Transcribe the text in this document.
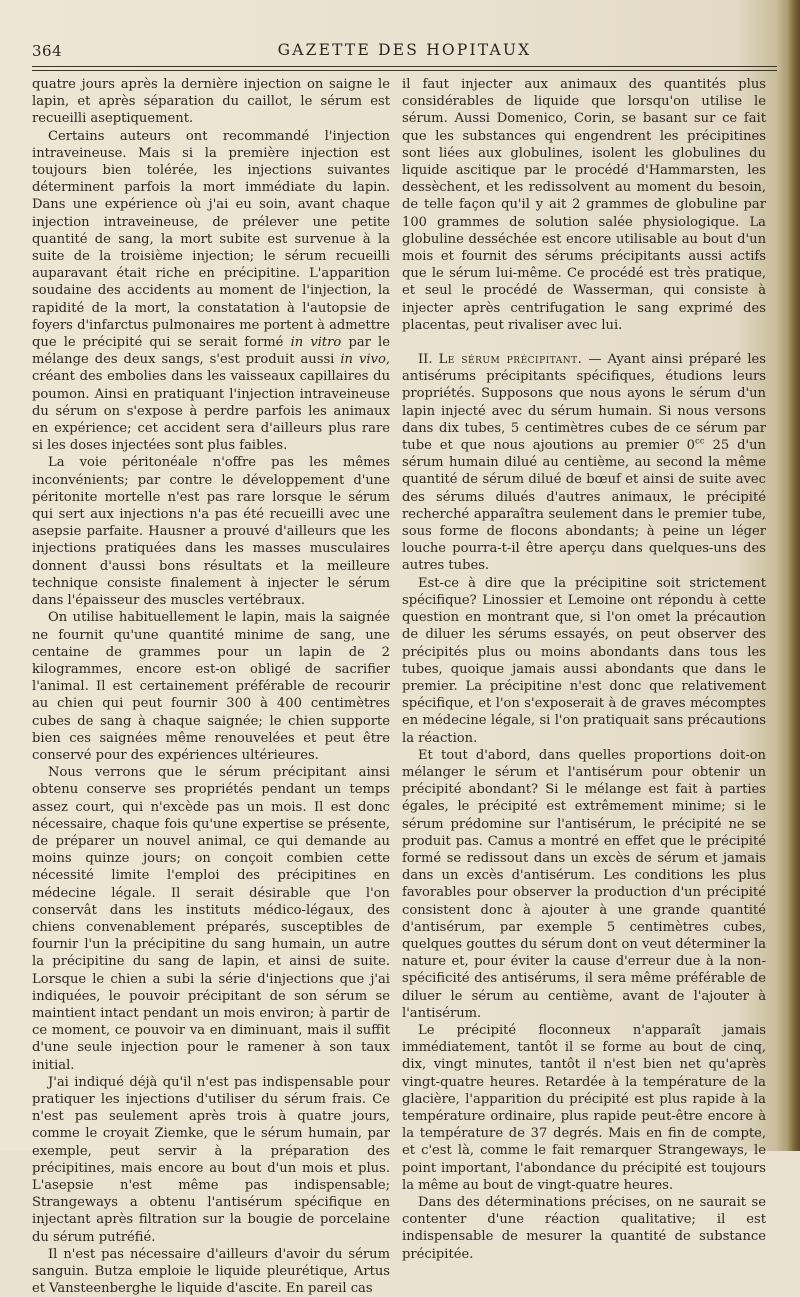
364	GAZETTE DES HOPITAUX

quatre jours après la dernière injection on saigne le lapin, et après séparation du caillot, le sérum est recueilli aseptiquement.

Certains auteurs ont recommandé l'injection intraveineuse. Mais si la première injection est toujours bien tolérée, les injections suivantes déterminent parfois la mort immédiate du lapin. Dans une expérience où j'ai eu soin, avant chaque injection intraveineuse, de prélever une petite quantité de sang, la mort subite est survenue à la suite de la troisième injection; le sérum recueilli auparavant était riche en précipitine. L'apparition soudaine des accidents au moment de l'injection, la rapidité de la mort, la constatation à l'autopsie de foyers d'infarctus pulmonaires me portent à admettre que le précipité qui se serait formé in vitro par le mélange des deux sangs, s'est produit aussi in vivo, créant des embolies dans les vaisseaux capillaires du poumon. Ainsi en pratiquant l'injection intraveineuse du sérum on s'expose à perdre parfois les animaux en expérience; cet accident sera d'ailleurs plus rare si les doses injectées sont plus faibles.

La voie péritonéale n'offre pas les mêmes inconvénients; par contre le développement d'une péritonite mortelle n'est pas rare lorsque le sérum qui sert aux injections n'a pas été recueilli avec une asepsie parfaite. Hausner a prouvé d'ailleurs que les injections pratiquées dans les masses musculaires donnent d'aussi bons résultats et la meilleure technique consiste finalement à injecter le sérum dans l'épaisseur des muscles vertébraux.

On utilise habituellement le lapin, mais la saignée ne fournit qu'une quantité minime de sang, une centaine de grammes pour un lapin de 2 kilogrammes, encore est-on obligé de sacrifier l'animal. Il est certainement préférable de recourir au chien qui peut fournir 300 à 400 centimètres cubes de sang à chaque saignée; le chien supporte bien ces saignées même renouvelées et peut être conservé pour des expériences ultérieures.

Nous verrons que le sérum précipitant ainsi obtenu conserve ses propriétés pendant un temps assez court, qui n'excède pas un mois. Il est donc nécessaire, chaque fois qu'une expertise se présente, de préparer un nouvel animal, ce qui demande au moins quinze jours; on conçoit combien cette nécessité limite l'emploi des précipitines en médecine légale. Il serait désirable que l'on conservât dans les instituts médico-légaux, des chiens convenablement préparés, susceptibles de fournir l'un la précipitine du sang humain, un autre la précipitine du sang de lapin, et ainsi de suite. Lorsque le chien a subi la série d'injections que j'ai indiquées, le pouvoir précipitant de son sérum se maintient intact pendant un mois environ; à partir de ce moment, ce pouvoir va en diminuant, mais il suffit d'une seule injection pour le ramener à son taux initial.

J'ai indiqué déjà qu'il n'est pas indispensable pour pratiquer les injections d'utiliser du sérum frais. Ce n'est pas seulement après trois à quatre jours, comme le croyait Ziemke, que le sérum humain, par exemple, peut servir à la préparation des précipitines, mais encore au bout d'un mois et plus. L'asepsie n'est même pas indispensable; Strangeways a obtenu l'antisérum spécifique en injectant après filtration sur la bougie de porcelaine du sérum putréfié.

Il n'est pas nécessaire d'ailleurs d'avoir du sérum sanguin. Butza emploie le liquide pleurétique, Artus et Vansteenberghe le liquide d'ascite. En pareil cas

il faut injecter aux animaux des quantités plus considérables de liquide que lorsqu'on utilise le sérum. Aussi Domenico, Corin, se basant sur ce fait que les substances qui engendrent les précipitines sont liées aux globulines, isolent les globulines du liquide ascitique par le procédé d'Hammarsten, les dessèchent, et les redissolvent au moment du besoin, de telle façon qu'il y ait 2 grammes de globuline par 100 grammes de solution salée physiologique. La globuline desséchée est encore utilisable au bout d'un mois et fournit des sérums précipitants aussi actifs que le sérum lui-même. Ce procédé est très pratique, et seul le procédé de Wasserman, qui consiste à injecter après centrifugation le sang exprimé des placentas, peut rivaliser avec lui.

II. Le sérum précipitant. — Ayant ainsi préparé les antisérums précipitants spécifiques, étudions leurs propriétés. Supposons que nous ayons le sérum d'un lapin injecté avec du sérum humain. Si nous versons dans dix tubes, 5 centimètres cubes de ce sérum par tube et que nous ajoutions au premier $0^{cc}$ 25 d'un sérum humain dilué au centième, au second la même quantité de sérum dilué de bœuf et ainsi de suite avec des sérums dilués d'autres animaux, le précipité recherché apparaîtra seulement dans le premier tube, sous forme de flocons abondants; à peine un léger louche pourra-t-il être aperçu dans quelques-uns des autres tubes.

Est-ce à dire que la précipitine soit strictement spécifique? Linossier et Lemoine ont répondu à cette question en montrant que, si l'on omet la précaution de diluer les sérums essayés, on peut observer des précipités plus ou moins abondants dans tous les tubes, quoique jamais aussi abondants que dans le premier. La précipitine n'est donc que relativement spécifique, et l'on s'exposerait à de graves mécomptes en médecine légale, si l'on pratiquait sans précautions la réaction.

Et tout d'abord, dans quelles proportions doit-on mélanger le sérum et l'antisérum pour obtenir un précipité abondant? Si le mélange est fait à parties égales, le précipité est extrêmement minime; si le sérum prédomine sur l'antisérum, le précipité ne se produit pas. Camus a montré en effet que le précipité formé se redissout dans un excès de sérum et jamais dans un excès d'antisérum. Les conditions les plus favorables pour observer la production d'un précipité consistent donc à ajouter à une grande quantité d'antisérum, par exemple 5 centimètres cubes, quelques gouttes du sérum dont on veut déterminer la nature et, pour éviter la cause d'erreur due à la non-spécificité des antisérums, il sera même préférable de diluer le sérum au centième, avant de l'ajouter à l'antisérum.

Le précipité floconneux n'apparaît jamais immédiatement, tantôt il se forme au bout de cinq, dix, vingt minutes, tantôt il n'est bien net qu'après vingt-quatre heures. Retardée à la température de la glacière, l'apparition du précipité est plus rapide à la température ordinaire, plus rapide peut-être encore à la température de 37 degrés. Mais en fin de compte, et c'est là, comme le fait remarquer Strangeways, le point important, l'abondance du précipité est toujours la même au bout de vingt-quatre heures.

Dans des déterminations précises, on ne saurait se contenter d'une réaction qualitative; il est indispensable de mesurer la quantité de substance précipitée.
